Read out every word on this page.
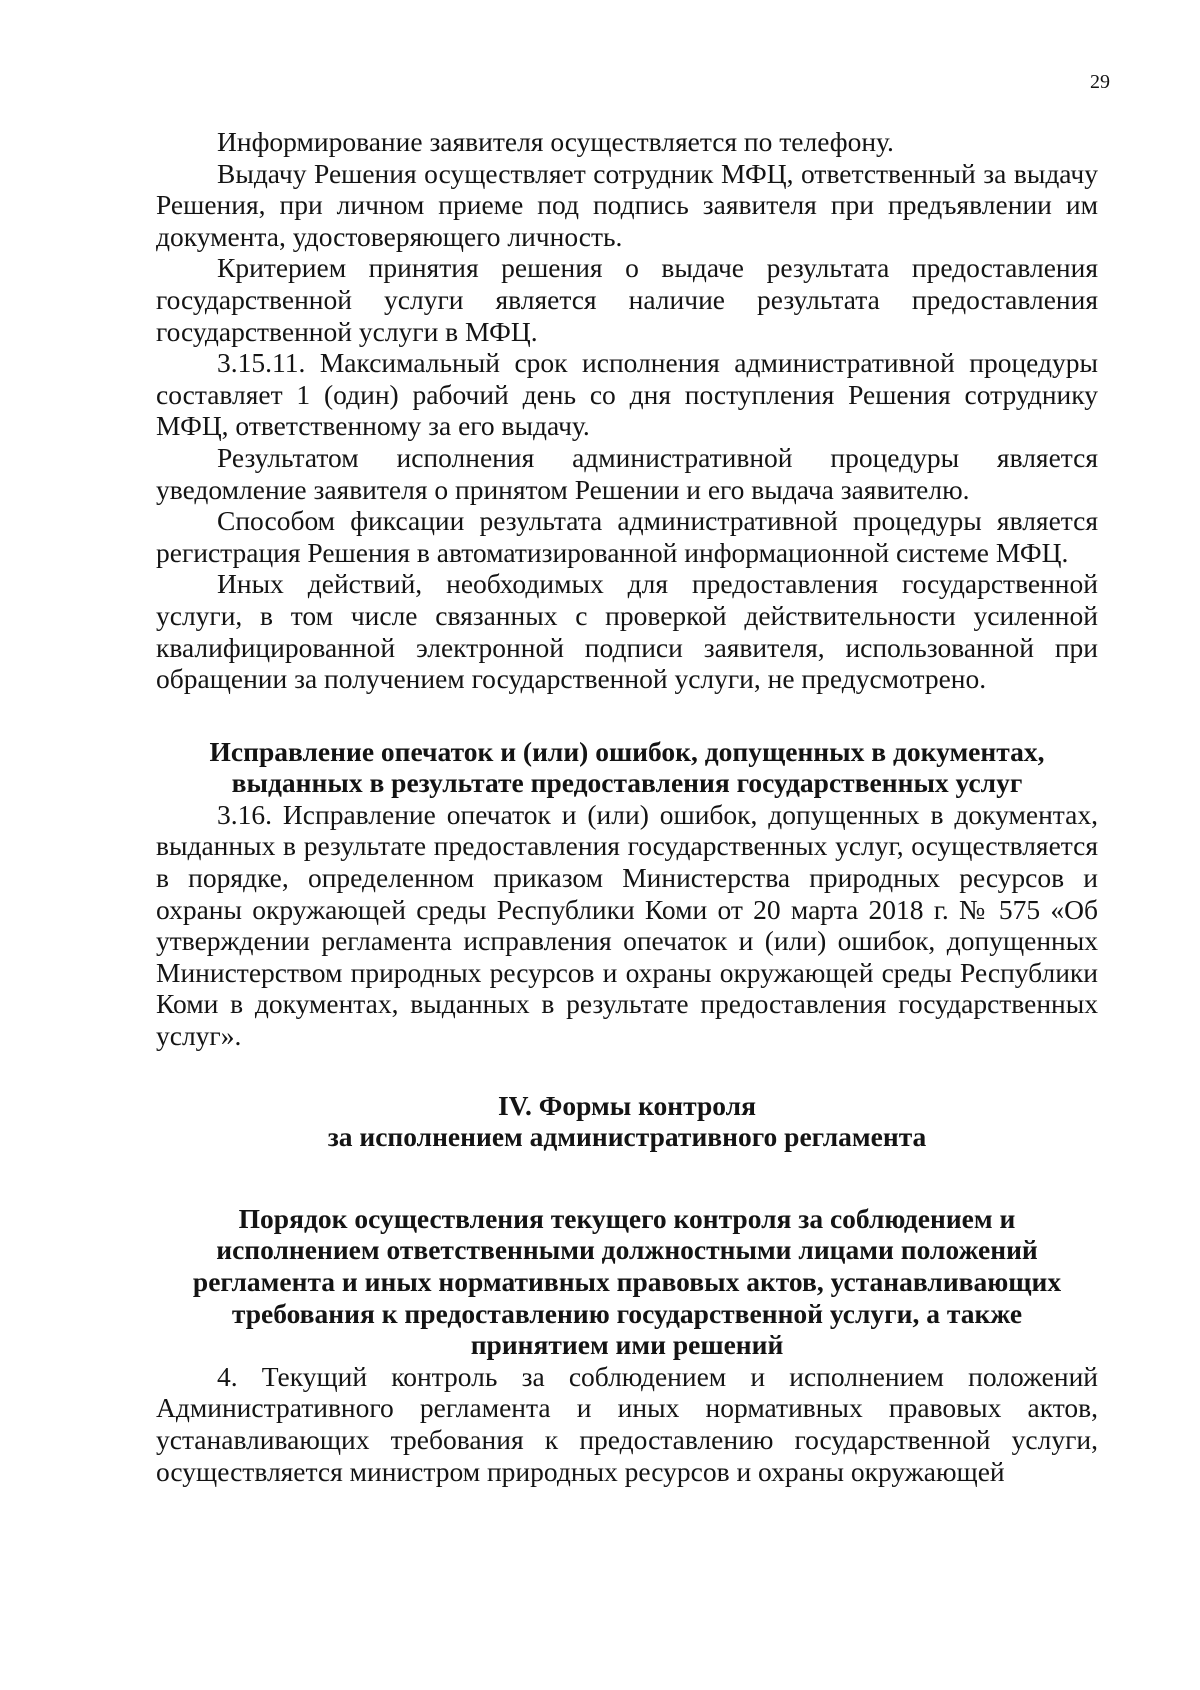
29

Информирование заявителя осуществляется по телефону.

Выдачу Решения осуществляет сотрудник МФЦ, ответственный за выдачу Решения, при личном приеме под подпись заявителя при предъявлении им документа, удостоверяющего личность.

Критерием принятия решения о выдаче результата предоставления государственной услуги является наличие результата предоставления государственной услуги в МФЦ.

3.15.11. Максимальный срок исполнения административной процедуры составляет 1 (один) рабочий день со дня поступления Решения сотруднику МФЦ, ответственному за его выдачу.

Результатом исполнения административной процедуры является уведомление заявителя о принятом Решении и его выдача заявителю.

Способом фиксации результата административной процедуры является регистрация Решения в автоматизированной информационной системе МФЦ.

Иных действий, необходимых для предоставления государственной услуги, в том числе связанных с проверкой действительности усиленной квалифицированной электронной подписи заявителя, использованной при обращении за получением государственной услуги, не предусмотрено.

Исправление опечаток и (или) ошибок, допущенных в документах, выданных в результате предоставления государственных услуг

3.16. Исправление опечаток и (или) ошибок, допущенных в документах, выданных в результате предоставления государственных услуг, осуществляется в порядке, определенном приказом Министерства природных ресурсов и охраны окружающей среды Республики Коми от 20 марта 2018 г. № 575 «Об утверждении регламента исправления опечаток и (или) ошибок, допущенных Министерством природных ресурсов и охраны окружающей среды Республики Коми в документах, выданных в результате предоставления государственных услуг».

IV. Формы контроля
за исполнением административного регламента
Порядок осуществления текущего контроля за соблюдением и исполнением ответственными должностными лицами положений регламента и иных нормативных правовых актов, устанавливающих требования к предоставлению государственной услуги, а также принятием ими решений

4. Текущий контроль за соблюдением и исполнением положений Административного регламента и иных нормативных правовых актов, устанавливающих требования к предоставлению государственной услуги, осуществляется министром природных ресурсов и охраны окружающей
